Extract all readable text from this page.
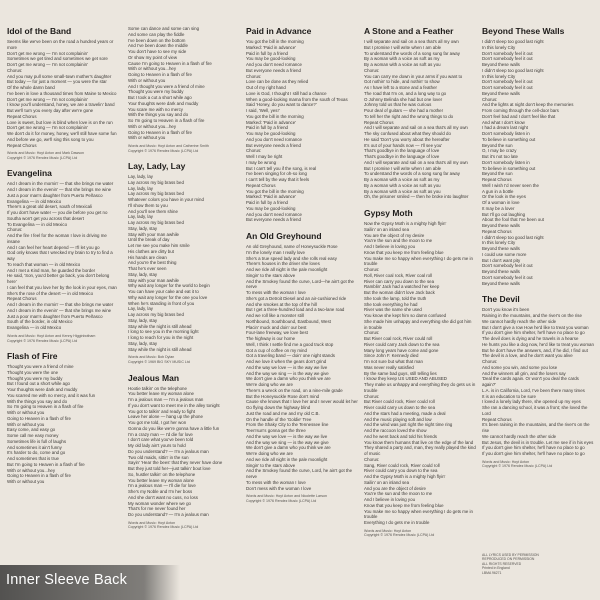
Idol of the Band

Seems like we've been on the road a hundred years or more
Don't get me wrong — I'm not complainin'
Sometimes we get tired and sometimes we get sore
Don't get me wrong — I'm not complainin'
Chorus:
And you may pull some small-town mother's daughter
But today — for just a moment — you were the star
Of the whole damn band
I've been in love a thousand times from Maine to Mexico
Don't get me wrong — I'm not complainin'
I know you'll understand, honey, we are a travelin' band
But we'll turn you every day after we're gone
Repeat Chorus
Love is sweet, but love is blind when love is on the run
Don't get me wrong — I'm not complainin'
We don't do it for money, honey, we'll still have some fun
And before we go, we'll sing this song to you
Repeat Chorus

Words and Music: Hoyt Axton and Mark Dawson
Copyright © 1976 Rendez Music (LCPA) Ltd

Evangelina

And I dream in the mornin' — that she brings me water
And I dream in the evenin' — that she brings me wine
Just a poor man's daughter from Puerto Peñasco
Evangelina — in old Mexico
There's a great old desert, south of Mexicali
If you don't have water — you die before you get no
Southa won't get you across that desert
To Evangelina — in old Mexico
Chorus:
And the fire I feel for the woman I love is driving me insane
And I can feel her heart depend — I'll let you go
God only knows that I wrecked my brain to try to find a way
To reach that woman — in old Mexico
And I met a Kind man, he guarded the border
He said, 'Son, you'd better go back, you don't belong here'
I can feel that you love her by the look in your eyes, man
She's the rose of the desert — in old Mexico
Repeat Chorus
And I dream in the mornin' — that she brings me water
And I dream in the evenin' — that she brings me wine
Just a poor man's daughter from Puerto Peñasco
South of the border, in old Mexico
Evangelina — in old Mexico

Words and Music: Hoyt Axton and Kenny Higginbotham
Copyright © 1976 Rendez Music (LCPA) Ltd

Flash of Fire

Thought you were a friend of mine
Thought you were the one
Thought you were my buddy
But I found out a short while ago
Your thoughts were dark and muddy
You scarred me with no mercy, and it was fun
With the things you say and do
So I'm going to Heaven in a flash of fire
With or without you
Going to Heaven in a flash of fire
With or without you
Easy come, and easy go
Some call me easy money
Sometimes life is full of laughs
And sometimes it ain't funny
It's harder to do, come and go
And sometimes that is true
But I'm going to Heaven in a flash of fire
With or without you...hey
Going to Heaven in a flash of fire
With or without you

Some can dance and some can sing
And some can play the fiddle
I've been down on the bottom
And I've been down the middle
You don't have to see my side
Or show my point of view
Cause I'm going to Heaven in a flash of fire
With or without you...hey
Going to Heaven in a flash of fire
With or without you
And I thought you were a friend of mine
Thought you were my buddy
But I took a cut a short while ago
Your thoughts were dark and muddy
You scare me with no mercy
With the things you say and do
So I'm going to Heaven in a flash of fire
With or without you...hey
Going to Heaven in a flash of fire
With or without you

Words and Music: Hoyt Axton and Catherine Smith
Copyright © 1976 Rendez Music (LCPA) Ltd

Lay, Lady, Lay

Lay, lady, lay
Lay across my big brass bed
Lay, lady, lay
Lay across my big brass bed
Whatever colors you have in your mind
I'll show them to you
And you'll see them shine
Lay, lady, lay
Lay across my big brass bed
Stay, lady, stay
Stay with your man awhile
Until the break of day
Let me see you make him smile
His clothes are dirty but
His hands are clean
And you're the best thing
That he's ever seen
Stay, lady, stay
Stay with your man awhile
Why wait any longer for the world to begin
You can have your cake and eat it to
Why wait any longer for the one you love
When he's standing in front of you
Lay, lady, lay
Lay across my big brass bed
Stay, lady, stay
Stay while the night is still ahead
I long to see you in the morning light
I long to reach for you in the night
Stay, lady, stay
Stay while the night is still ahead

Words and Music: Bob Dylan
Copyright © 1969 BIG SKY MUSIC Ltd

Jealous Man

Hootie talkin' on the telephone
You better leave my woman alone
I'm a jealous man — I'm a jealous man
If you don't want to meet me in the alley tonight
You got to talkin' and ready to fight
Leave her alone — hang up the phone
You got me told, I got her won
Gonna do you like we're gonna have a little fun
I'm a crazy man — I'd die for love
I don't care what you've been told
My old lady ain't yours to hold
Do you understand? — I'm a jealous man
Two old maids, sittin' in the sun
Sayin' 'Hear the bees' that they never have done
But they just told her—just talkin' bout love
So, hustler talkin' on the telephone
You better leave my woman alone
I'm a jealous man — I'll die for love
She's my Noble and I'm her boss
And she don't want no cuss, no loss
My woman wonder where we go
That's for me never found her
Do you understand? — I'm a jealous man

Words and Music: Hoyt Axton
Copyright © 1976 Rendez Music (LCPA) Ltd

Paid in Advance

You got the bill in the morning
Marked: 'Paid in advance'
Paid in full by a friend
You may be good-looking
And you don't need romance
But everyone needs a friend
Chorus:
Love can be done as they relied
Out of my right hand
Love is God, I thought I still had a chance
When a good-looking mama from the south of Texas
Said 'Honey, do you want to dance?'
I said, 'Well, yes!'
You got the bill in the morning
Marked: 'Paid in advance'
Paid in full by a friend
You may be good-looking
And you don't need romance
But everyone needs a friend
Chorus:
Well I may be right
I may be wrong
But I can't tell you if the song, is real
I've been singing for oh-so long
I can't tell by the way that it feels
Repeat Chorus
You got the bill in the morning
Marked: 'Paid in advance'
Paid in full by a friend
You may be good-looking
And you don't need romance
But everyone needs a friend

An Old Greyhound

An old Greyhound, name of Honeysuckle Rose
I'm the lonely man I really love
She's a true speed lady and she rolls real easy
There's houses in the driver she loves
And we ride all night in the pale moonlight
Singin' to the stars above
And the Smokey found the curve, Lord—he ain't got the nerve
To mess with the woman I love
She's got a Detroit Diesel and an air-cushioned ride
And she smokes at the top of the hill
But I get a three-hundred load and a two-lane road
And we roll like a monster still
Northbound, Southbound, Eastbound, West
Placin' muck and doin' our best
Four-lane freeway, we love best
The highway is our home
Well, I think I settle find me a good truck stop
Got a cup of coffee on my mind
Got a traveling band — doin' one night stands
And we love it when the gears don't grind
And the way we love — is the way we live
And the way we sing — is the way we give
We don't give a damn who you think we are
We're doing who we are
There's a wreck on the road, on a nine-mile grade
But the Honeysuckle Rose don't mind
Cause she knows that I love her and I never would let her
Go flying down the highway blind
Just the road and me and my old C.B.
On the handle of the 'Goldie' Tree
From the Shaky City to the Tennessee line
Teen'sun's gonna get the three
And the way we love — is the way we live
And the way we sing — is the way we give
We don't give a damn who you think we are
We're doing who we are
And we ride all night in the pale moonlight
Singin' to the stars above
And the Smokey found the curve, Lord, he ain't got the nerve
To mess with the woman I love
Don't mess with the woman I love

Words and Music: Hoyt Axton and Nicolette Larson
Copyright © 1976 Rendez Music (LCPA) Ltd

A Stone and a Feather

I will separate and sail on a sea that's all my own
But I promise I will write when I am able
To understand the words of a song sung far away
By a woman with a voice as soft as my
By a woman with a voice as soft as you
Chorus:
You can carry me down in your arms if you want to
Got nothin' to hide, and nothin' to show
As I have left to a stone and a feather
The road that I'm on, and a long way to go
O Johnny Belinda she had but one lover
Johnny told us that he was curious
Pour deal of guitars — she had a mother
To tell her the right and the wrong things to do
Repeat Chorus
And I will separate and sail on a sea that's all my own
The sky confused about what they should do
He said 'Don't you worry about the hereafter
It's out of your hands now — I'll see you'
That's goodbye in the language of love
That's goodbye in the language of love
And I will separate and sail on a sea that's all my own
But I promise I will write when I am able
To understand the words of a song sung far away
By a woman with a voice as soft as my
By a woman with a voice as soft as you
By a woman with a voice as soft as you
Oh, the prisoner smiled — then he broke into laughter

Gypsy Moth

Now the Gypsy Moth is a mighty high flyin'
Sailin' on an inland sea
You are the object of my desire
You're the sun and the moon to me
And I believe in loving you
Know that you keep me from feeling blue
You make me so happy when everything I do gets me in trouble
Chorus:
Roll, River coal rock, River coal roll
River can carry you down to the sea
Ramblin' Jack had a watched her keep
But the woman didn't love Jack back
She took the lamp, told the truth
She took everything he had
River was the name she used
You know she kept him so damn confused
She made him unhappy and everything she did got him in trouble
Chorus:
But River coal rock, River could roll
River could carry Jack down to the sea
Many long years have come and gone
Since John F. Kennedy died
I'm not sure but what that man
Was never really satisfied
By the same bad guys, still telling lies
I know they keep US USED AND ABUSED
They make us unhappy and everything they do gets us in trouble
Chorus:
But River could rock, River could roll
River could carry us down to the sea
And the stars had a meeting, made a deal
And the music playing soft and low
And the wind was just right the night time ring
And the raccoon loved the show
And he went back and told his friends
You know them humans that live on the edge of the land
They shared a party and, man, they really played the kind of music
Chorus:
Sang, River could rock, River could roll
River could carry you down to the sea
And the Gypsy Moth is a mighty high flyin'
Sailin' on an inland sea
And you are the object of desire
You're the sun and the moon to me
And I believe in loving you
Know that you keep me from feeling blue
You make me so happy when everything I do gets me in trouble
Everything I do gets me in trouble

Words and Music: Hoyt Axton
Copyright © 1976 Rendez Music (LCPA) Ltd

Beyond These Walls

I didn't sleep too good last night
In this lonely City
Don't somebody feel it out
Don't somebody feel it out
Beyond these walls
I didn't sleep too good last night
In this lonely City
Don't somebody feel it out
Don't somebody feel it out
Beyond these walls
Chorus:
And the lights at night don't keep the memories
From coming through the cell-door bars
Don't feel bad and I don't feel like that
And what I don't know
I had a dream last night
Don't somebody listen in
To believe in something out
Beyond the sun
O, I may be crazy
But it's not too late
Don't somebody listen in
To believe in something out
Beyond the sun
Repeat Chorus
Well I wish I'd never seen the
A gun in a bottle
Or the look in the eyes
Of a woman in love
It may be a lover
But I'll go out laughing
About the fool that I've been out
Beyond these walls
Repeat Chorus
I didn't sleep too good last night
In this lonely City
Beyond these walls
I could use some more
But I don't want pity
Don't somebody feel it out
Beyond these walls
Don't somebody feel it out
Beyond these walls

The Devil

Don't you know it's been
Raining in the mountains, and the river's on the rise
We cannot hardly reach the other side
But I don't give a row How he'd like to treat you woman
If you don't give him shelter, he'll have no place to go
The devil does is dying and he travels in a hearse
He hunts you like a dog now, he'd like to treat you woman
But he don't have the answers, and, if he did, I find out
The devil is a love, and he don't want you alive
Chorus:
And some you win, and some you lose
And the winners all grin, and the losers say
'Deal the cards again. Or won't you deal the cards again?'
L.A. is in California, Lord, I've been there many times
It is an education to be sure
I loved a lonely lady there, she opened up my eyes
She ran a dancing school, it was a front; she loved the Lord
Repeat Chorus
It's been raining in the mountains, and the river's on the rise
We cannot hardly reach the other side
But Jesus, the devil is in trouble. Let me see if in his eyes
If you don't give him shelter, he'll have no place to go
If you don't give him shelter, he'll have no place to go

Words and Music: Hoyt Axton
Copyright © 1976 Rendez Music (LCPA) Ltd

ALL LYRICS USED BY PERMISSION
REPRODUCED ON PERMISSION
ALL RIGHTS RESERVED
Printed in England
LBMA 96271
Inner Sleeve Back
